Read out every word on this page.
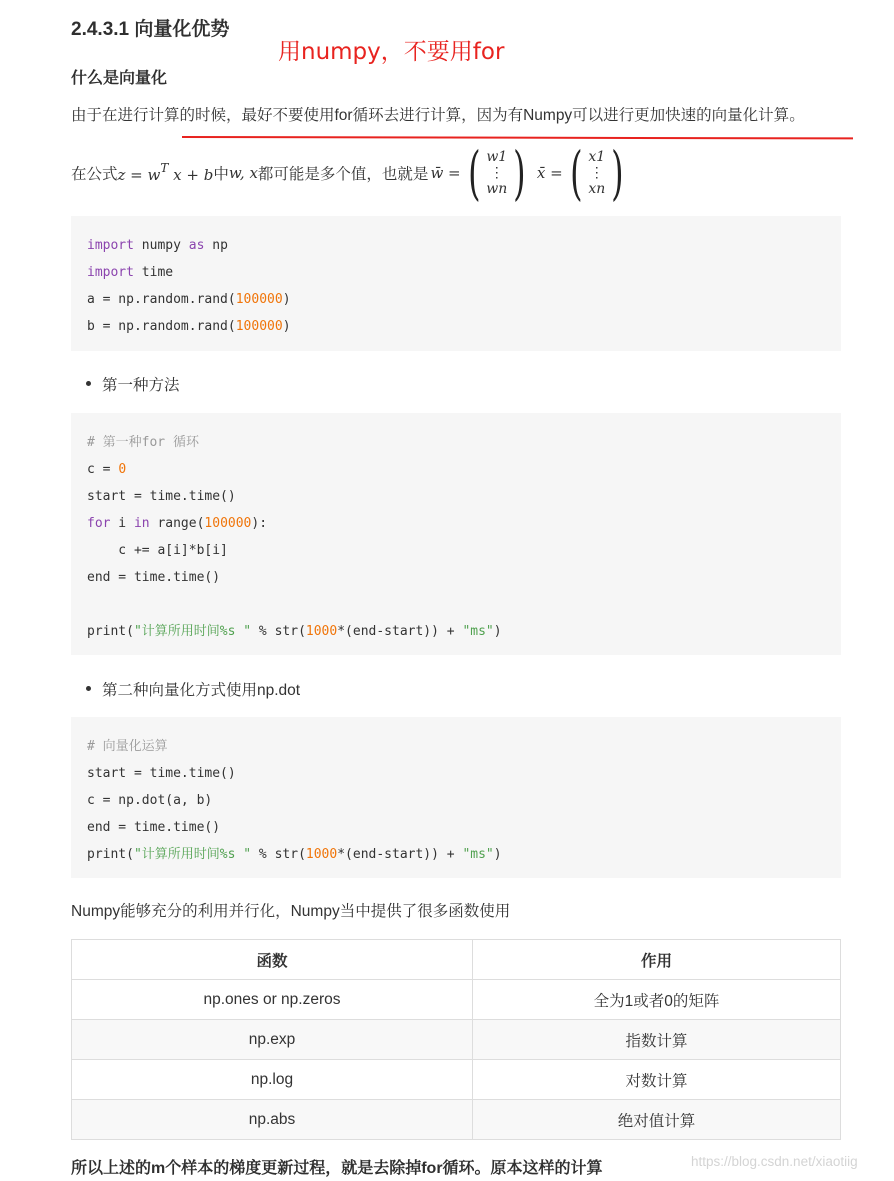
2.4.3.1 向量化优势
用numpy，不要用for
什么是向量化

由于在进行计算的时候，最好不要使用for循环去进行计算，因为有Numpy可以进行更加快速的向量化计算。

在公式 $z = w^T$ x + b 中 w, x 都可能是多个值，也就是 w̄ = ( w1
⋮
wn ) x̄ = ( x1
⋮
xn )
import numpy as np
import time
a = np.random.rand(100000)
b = np.random.rand(100000)
第一种方法
# 第一种for 循环
c = 0
start = time.time()
for i in range(100000):
c += a[i]*b[i]
end = time.time()

print("计算所用时间%s " % str(1000*(end-start)) + "ms")
第二种向量化方式使用np.dot
# 向量化运算
start = time.time()
c = np.dot(a, b)
end = time.time()
print("计算所用时间%s " % str(1000*(end-start)) + "ms")

Numpy能够充分的利用并行化，Numpy当中提供了很多函数使用

函数	作用
np.ones or np.zeros	全为1或者0的矩阵
np.exp	指数计算
np.log	对数计算
np.abs	绝对值计算
所以上述的m个样本的梯度更新过程，就是去除掉for循环。原本这样的计算	https://blog.csdn.net/xiaotiig
